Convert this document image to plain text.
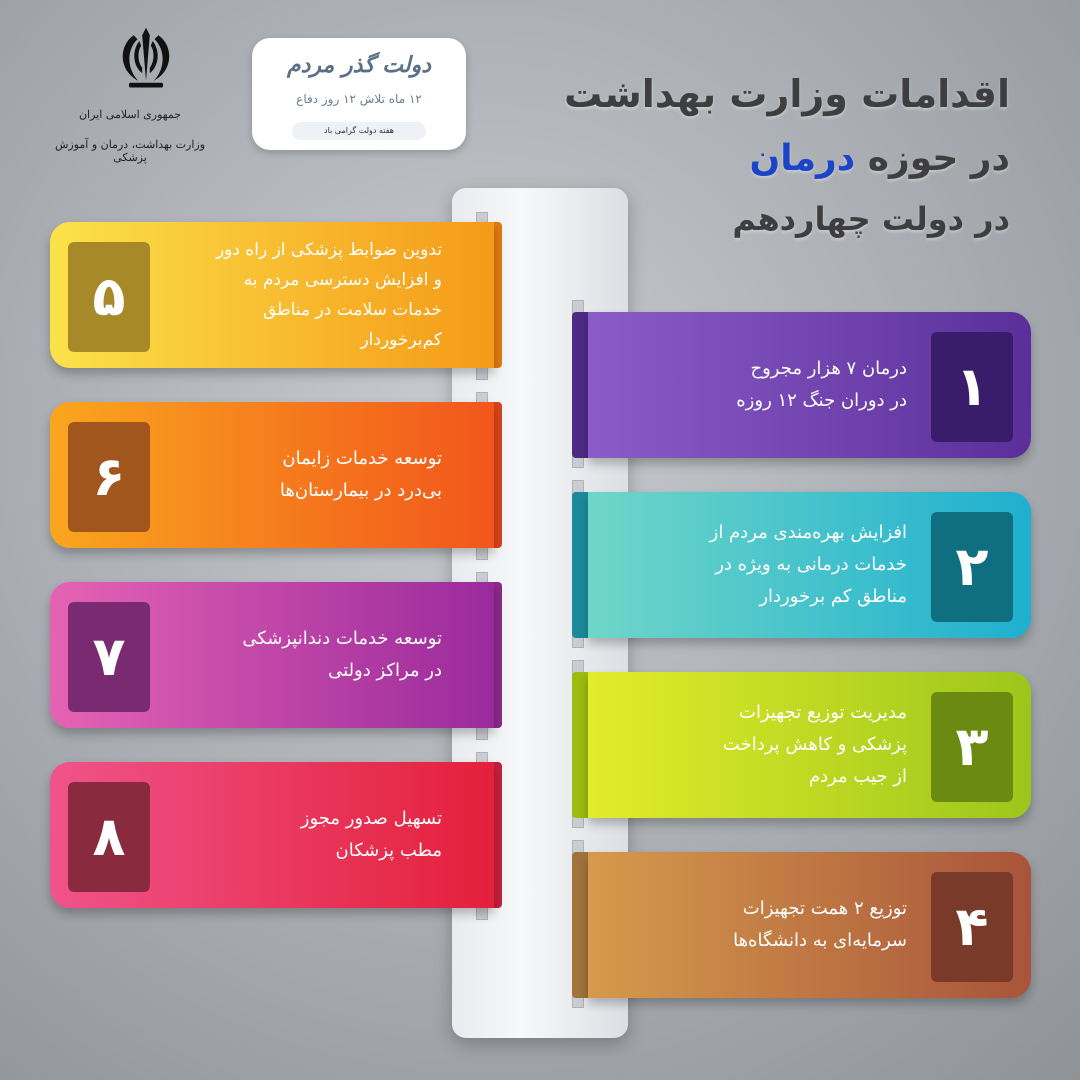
جمهوری اسلامی ایران
وزارت بهداشت، درمان و آموزش پزشکی
دولت گذر مردم
۱۲ ماه تلاش ۱۲ روز دفاع
هفته دولت گرامی باد
اقدامات وزارت بهداشت
در حوزه درمان
در دولت چهاردهم
۱
درمان ۷ هزار مجروح
در دوران جنگ ۱۲ روزه
۲
افزایش بهره‌مندی مردم از
خدمات درمانی به ویژه در
مناطق کم برخوردار
۳
مدیریت توزیع تجهیزات
پزشکی و کاهش پرداخت
از جیب مردم
۴
توزیع ۲ همت تجهیزات
سرمایه‌ای به دانشگاه‌ها
۵
تدوین ضوابط پزشکی از راه دور
و افزایش دسترسی مردم به
خدمات سلامت در مناطق
کم‌برخوردار
۶	توسعه خدمات زایمان
بی‌درد در بیمارستان‌ها
۷	توسعه خدمات دندانپزشکی
در مراکز دولتی
۸	تسهیل صدور مجوز
مطب پزشکان
